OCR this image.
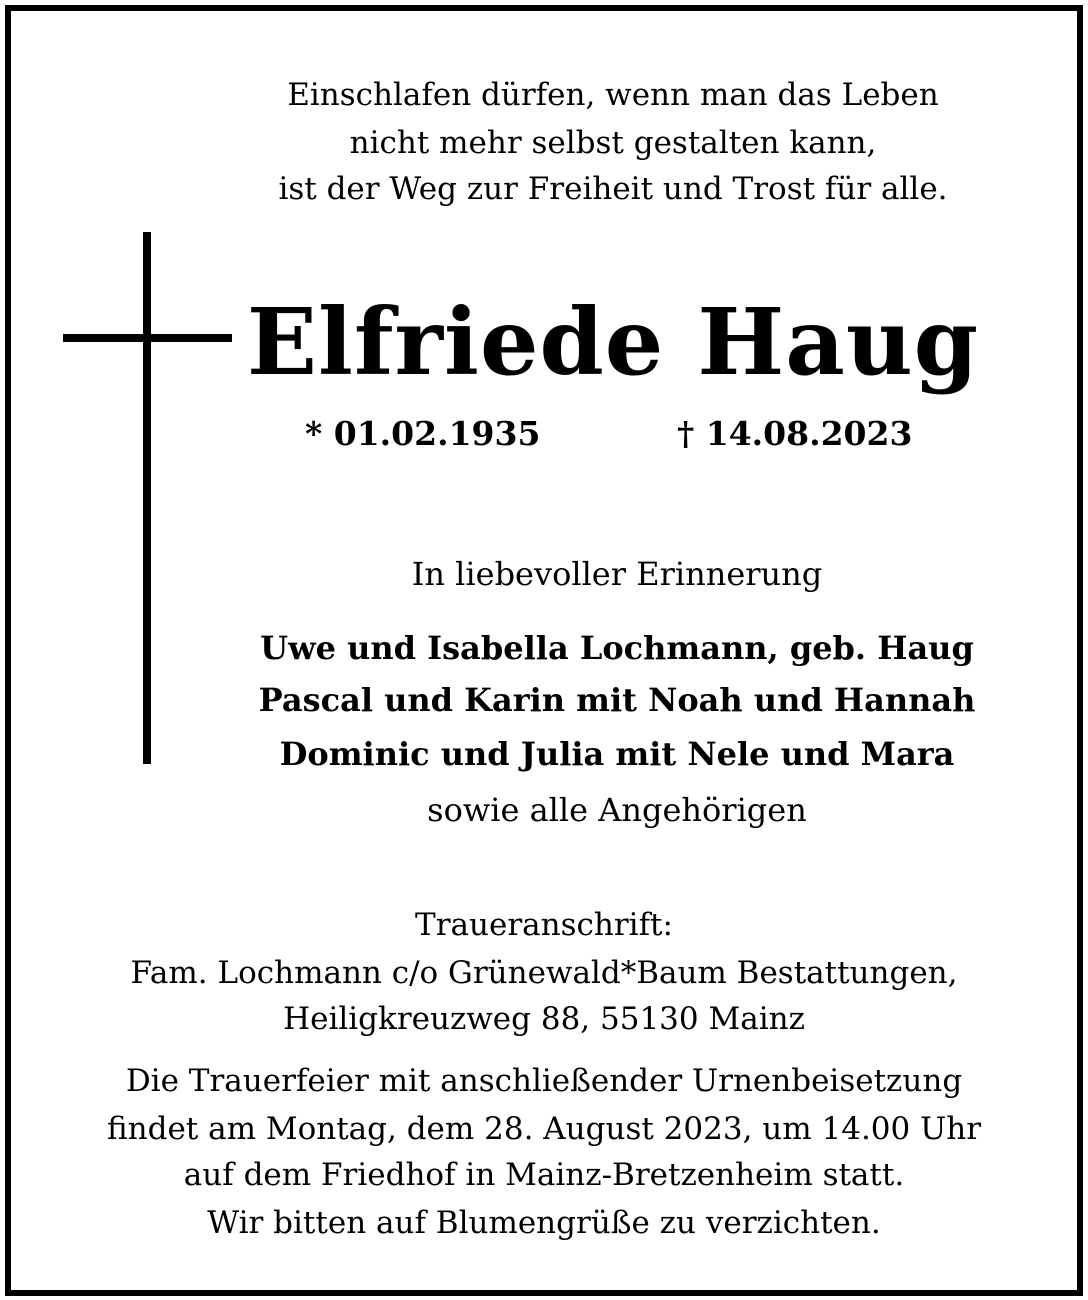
Einschlafen dürfen, wenn man das Leben
nicht mehr selbst gestalten kann,
ist der Weg zur Freiheit und Trost für alle.
Elfriede Haug
* 01.02.1935	† 14.08.2023
In liebevoller Erinnerung
Uwe und Isabella Lochmann, geb. Haug
Pascal und Karin mit Noah und Hannah
Dominic und Julia mit Nele und Mara
sowie alle Angehörigen
Traueranschrift:
Fam. Lochmann c/o Grünewald*Baum Bestattungen,
Heiligkreuzweg 88, 55130 Mainz
Die Trauerfeier mit anschließender Urnenbeisetzung
findet am Montag, dem 28. August 2023, um 14.00 Uhr
auf dem Friedhof in Mainz-Bretzenheim statt.
Wir bitten auf Blumengrüße zu verzichten.
